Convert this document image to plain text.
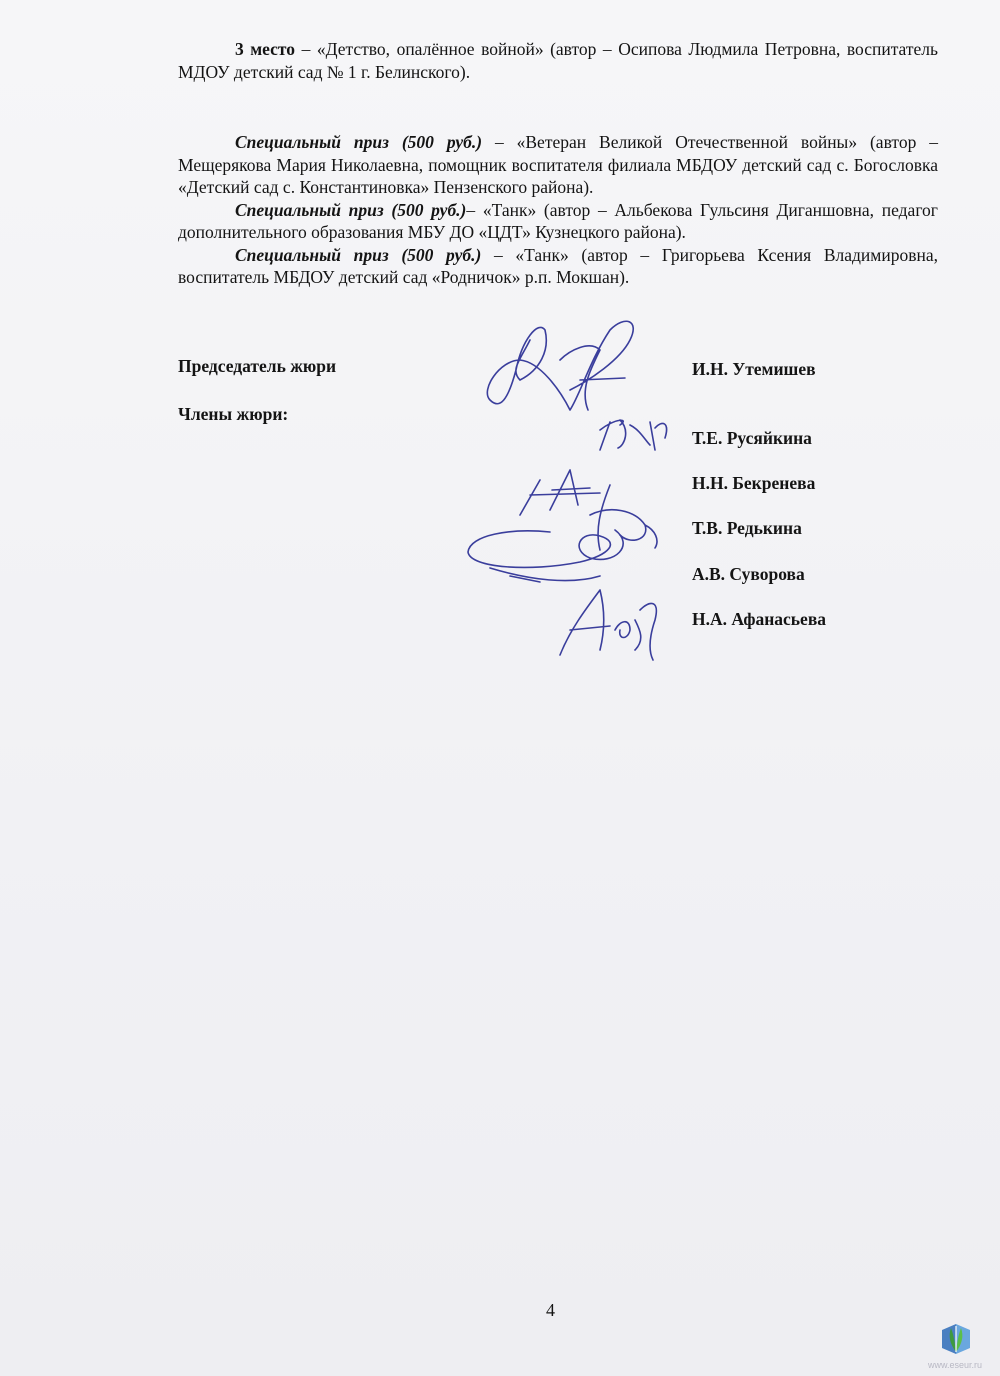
3 место – «Детство, опалённое войной» (автор – Осипова Людмила Петровна, воспитатель МДОУ детский сад № 1 г. Белинского).

Специальный приз (500 руб.) – «Ветеран Великой Отечественной войны» (автор – Мещерякова Мария Николаевна, помощник воспитателя филиала МБДОУ детский сад с. Богословка «Детский сад с. Константиновка» Пензенского района).

Специальный приз (500 руб.)– «Танк» (автор – Альбекова Гульсиня Диганшовна, педагог дополнительного образования МБУ ДО «ЦДТ» Кузнецкого района).

Специальный приз (500 руб.) – «Танк» (автор – Григорьева Ксения Владимировна, воспитатель МБДОУ детский сад «Родничок» р.п. Мокшан).

Председатель жюри	И.Н. Утемишев
Члены жюри:
Т.Е. Русяйкина
Н.Н. Бекренева
Т.В. Редькина
А.В. Суворова
Н.А. Афанасьева
4
www.eseur.ru
